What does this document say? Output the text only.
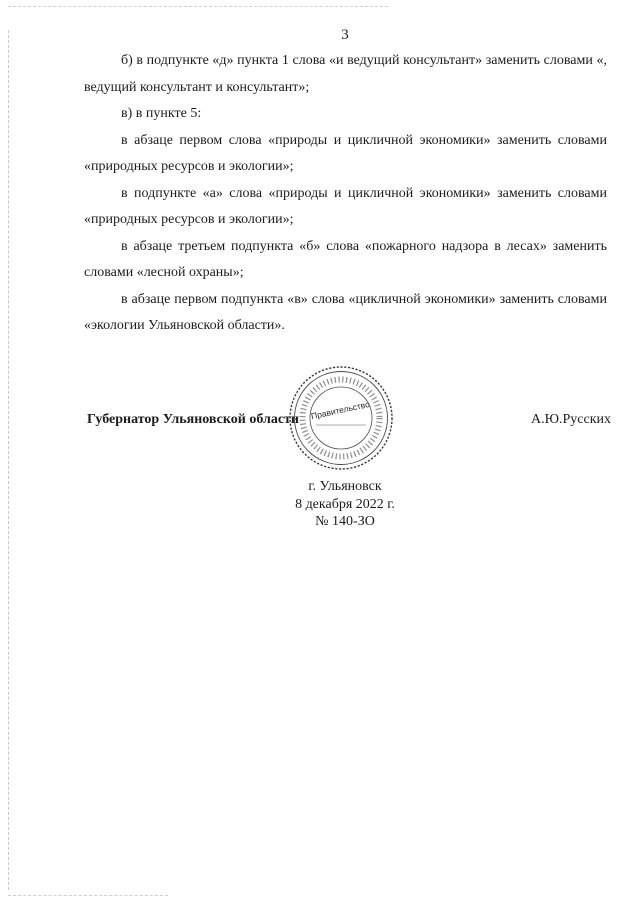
3

б) в подпункте «д» пункта 1 слова «и ведущий консультант» заменить словами «, ведущий консультант и консультант»;

в) в пункте 5:

в абзаце первом слова «природы и цикличной экономики» заменить словами «природных ресурсов и экологии»;

в подпункте «а» слова «природы и цикличной экономики» заменить словами «природных ресурсов и экологии»;

в абзаце третьем подпункта «б» слова «пожарного надзора в лесах» заменить словами «лесной охраны»;

в абзаце первом подпункта «в» слова «цикличной экономики» заменить словами «экологии Ульяновской области».

Губернатор Ульяновской области	А.Ю.Русских
Правительство
г. Ульяновск
8 декабря 2022 г.
№ 140-ЗО
